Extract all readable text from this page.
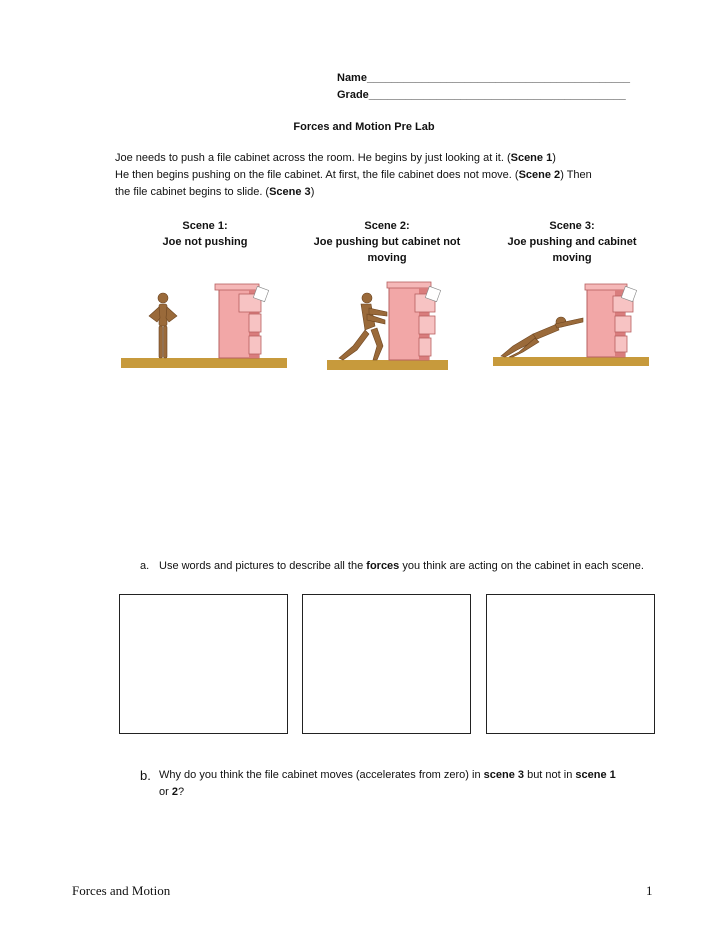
Name___________________________________________
Grade__________________________________________
Forces and Motion Pre Lab
Joe needs to push a file cabinet across the room. He begins by just looking at it. (Scene 1)
He then begins pushing on the file cabinet. At first, the file cabinet does not move. (Scene 2) Then
the file cabinet begins to slide. (Scene 3)
Scene 1:
Joe not pushing
Scene 2:
Joe pushing but cabinet not moving
Scene 3:
Joe pushing and cabinet moving
a. Use words and pictures to describe all the forces you think are acting on the cabinet in each scene.
b. Why do you think the file cabinet moves (accelerates from zero) in scene 3 but not in scene 1
or 2?
Forces and Motion	1
